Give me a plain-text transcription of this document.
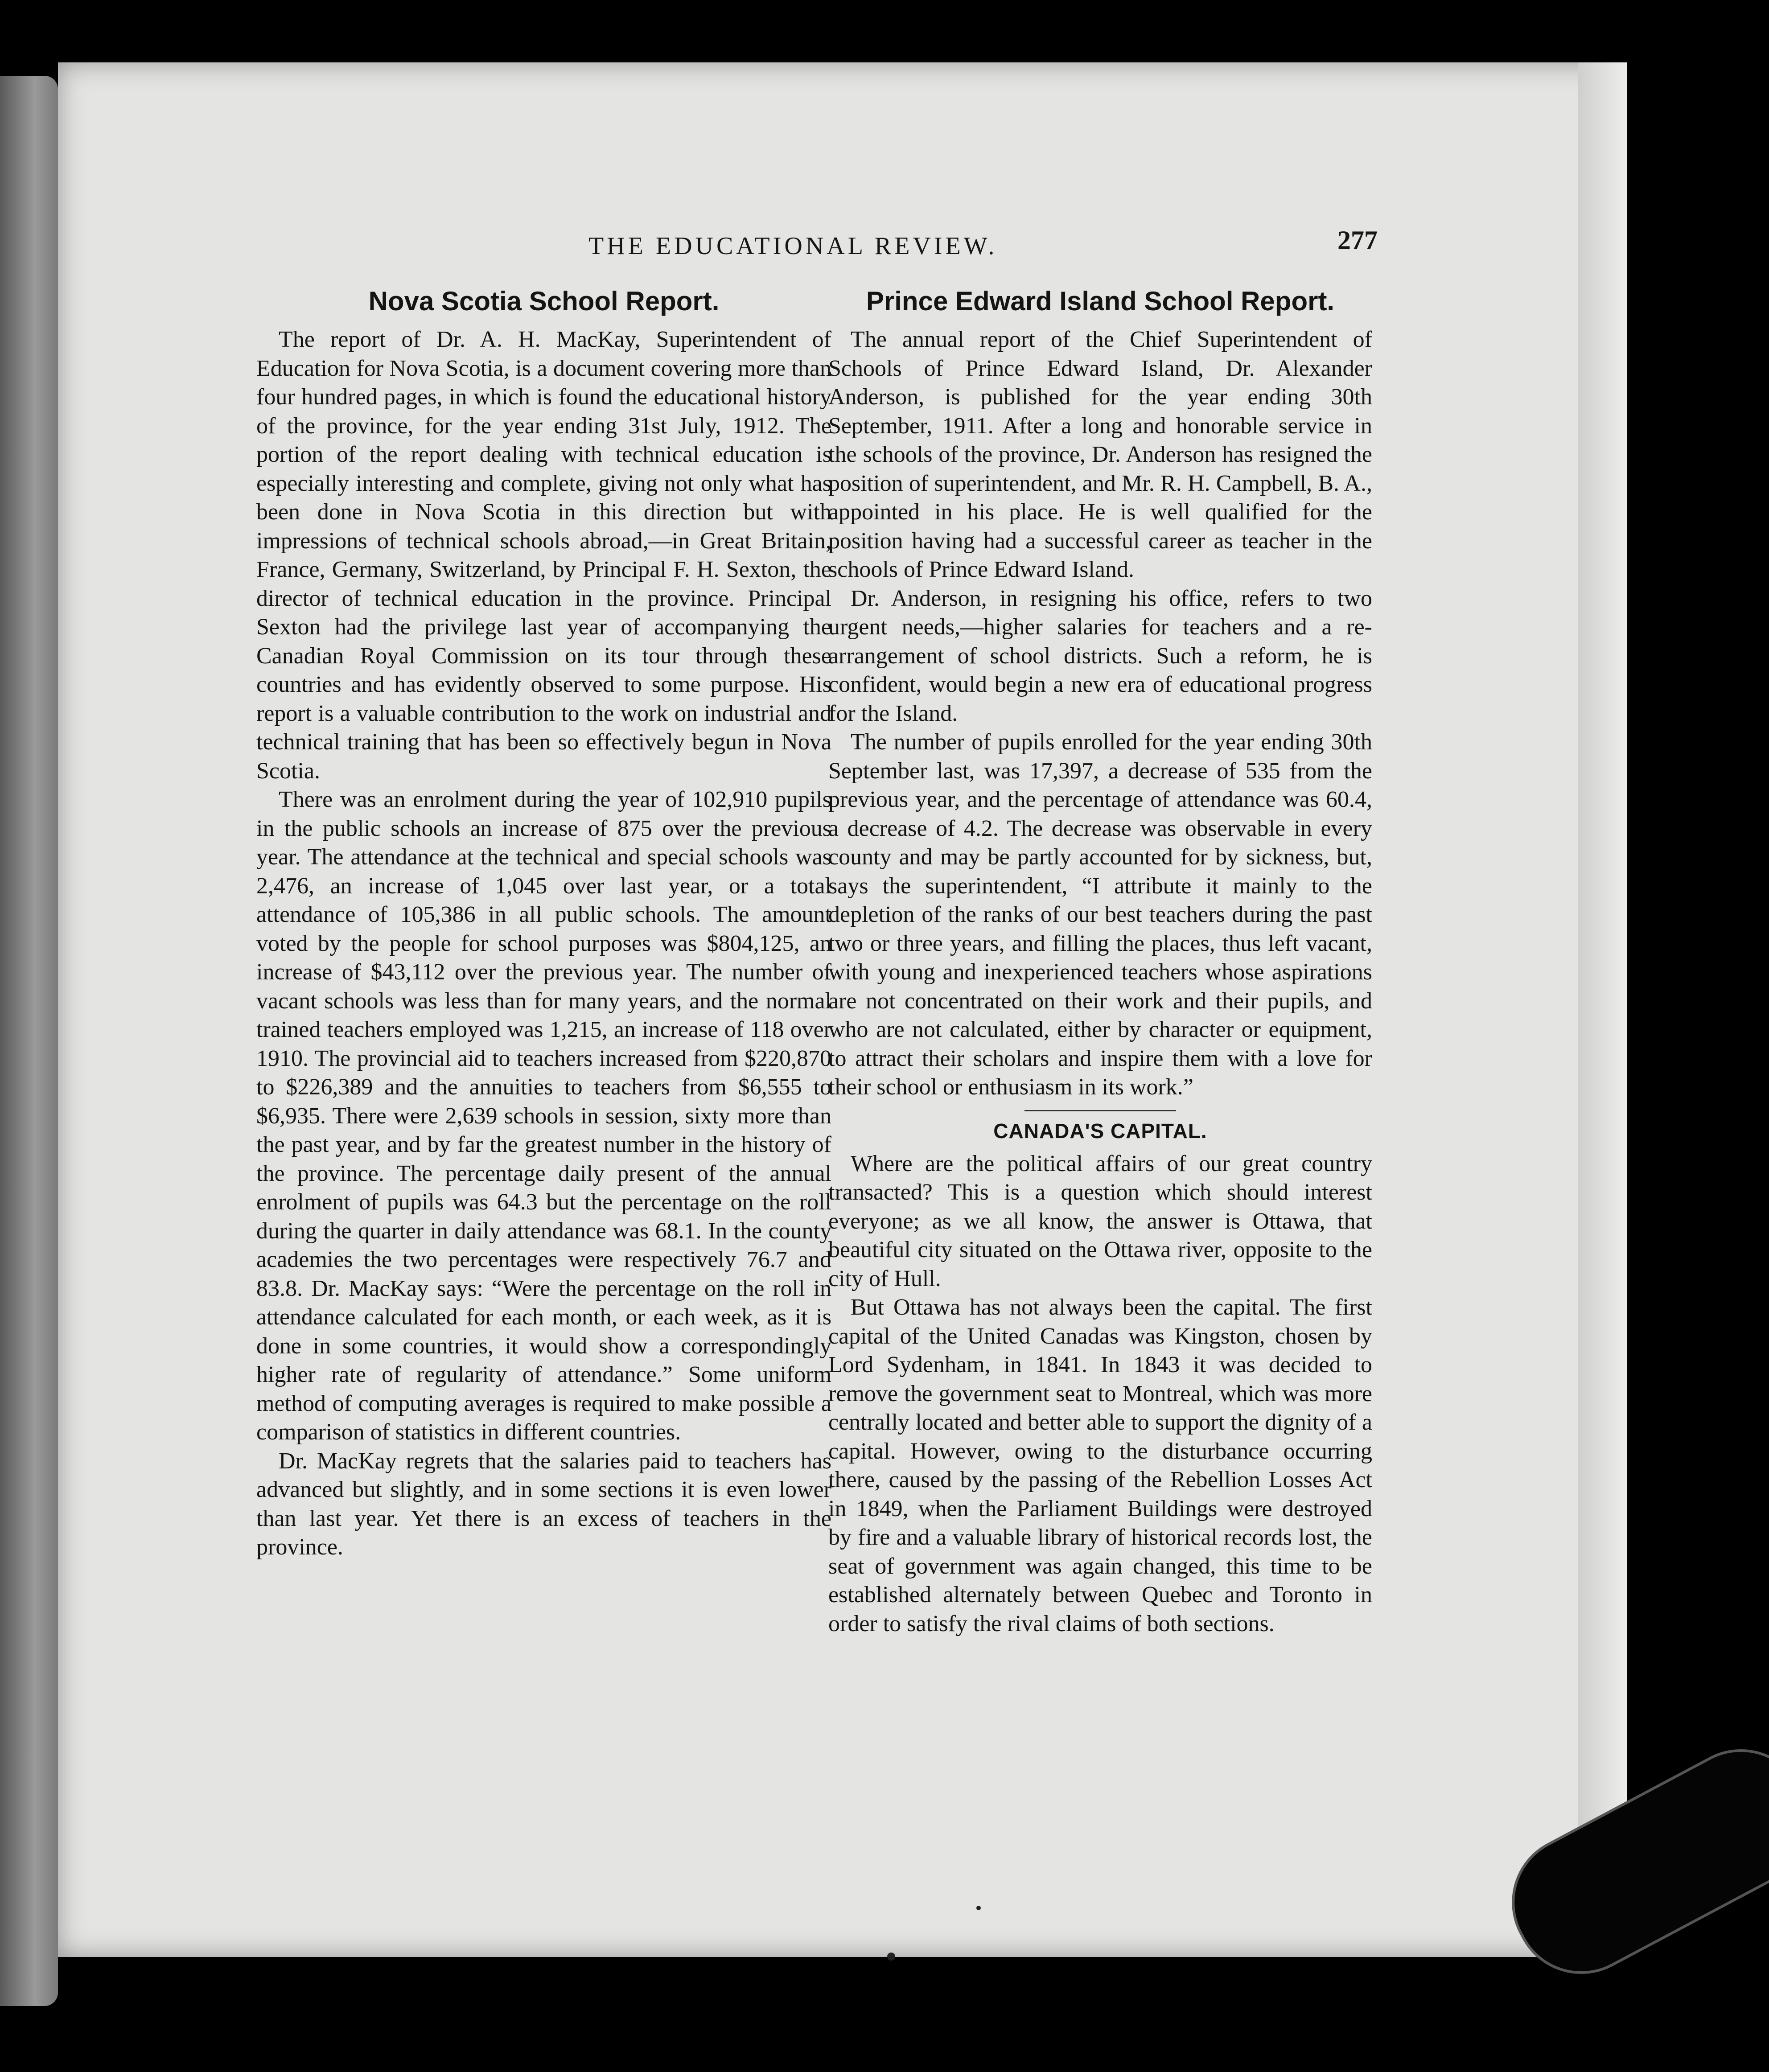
THE EDUCATIONAL REVIEW.	277
Nova Scotia School Report.

The report of Dr. A. H. MacKay, Superintendent of Education for Nova Scotia, is a document covering more than four hundred pages, in which is found the educational history of the province, for the year ending 31st July, 1912. The portion of the report dealing with technical education is especially interesting and complete, giving not only what has been done in Nova Scotia in this direction but with impressions of technical schools abroad,—in Great Britain, France, Germany, Switzerland, by Principal F. H. Sexton, the director of technical education in the province. Principal Sexton had the privilege last year of accompanying the Canadian Royal Commission on its tour through these countries and has evidently observed to some purpose. His report is a valuable contribution to the work on industrial and technical training that has been so effectively begun in Nova Scotia.

There was an enrolment during the year of 102,910 pupils in the public schools an increase of 875 over the previous year. The attendance at the technical and special schools was 2,476, an increase of 1,045 over last year, or a total attendance of 105,386 in all public schools. The amount voted by the people for school purposes was $804,125, an increase of $43,112 over the previous year. The number of vacant schools was less than for many years, and the normal trained teachers employed was 1,215, an increase of 118 over 1910. The provincial aid to teachers increased from $220,870 to $226,389 and the annuities to teachers from $6,555 to $6,935. There were 2,639 schools in session, sixty more than the past year, and by far the greatest number in the history of the province. The percentage daily present of the annual enrolment of pupils was 64.3 but the percentage on the roll during the quarter in daily attendance was 68.1. In the county academies the two percentages were respectively 76.7 and 83.8. Dr. MacKay says: “Were the percentage on the roll in attendance calculated for each month, or each week, as it is done in some countries, it would show a correspondingly higher rate of regularity of attendance.” Some uniform method of computing averages is required to make possible a comparison of statistics in different countries.

Dr. MacKay regrets that the salaries paid to teachers has advanced but slightly, and in some sections it is even lower than last year. Yet there is an excess of teachers in the province.

Prince Edward Island School Report.

The annual report of the Chief Superintendent of Schools of Prince Edward Island, Dr. Alexander Anderson, is published for the year ending 30th September, 1911. After a long and honorable service in the schools of the province, Dr. Anderson has resigned the position of superintendent, and Mr. R. H. Campbell, B. A., appointed in his place. He is well qualified for the position having had a successful career as teacher in the schools of Prince Edward Island.

Dr. Anderson, in resigning his office, refers to two urgent needs,—higher salaries for teachers and a re-arrangement of school districts. Such a reform, he is confident, would begin a new era of educational progress for the Island.

The number of pupils enrolled for the year ending 30th September last, was 17,397, a decrease of 535 from the previous year, and the percentage of attendance was 60.4, a decrease of 4.2. The decrease was observable in every county and may be partly accounted for by sickness, but, says the superintendent, “I attribute it mainly to the depletion of the ranks of our best teachers during the past two or three years, and filling the places, thus left vacant, with young and inexperienced teachers whose aspirations are not concentrated on their work and their pupils, and who are not calculated, either by character or equipment, to attract their scholars and inspire them with a love for their school or enthusiasm in its work.”

CANADA'S CAPITAL.

Where are the political affairs of our great country transacted? This is a question which should interest everyone; as we all know, the answer is Ottawa, that beautiful city situated on the Ottawa river, opposite to the city of Hull.

But Ottawa has not always been the capital. The first capital of the United Canadas was Kingston, chosen by Lord Sydenham, in 1841. In 1843 it was decided to remove the government seat to Montreal, which was more centrally located and better able to support the dignity of a capital. However, owing to the disturbance occurring there, caused by the passing of the Rebellion Losses Act in 1849, when the Parliament Buildings were destroyed by fire and a valuable library of historical records lost, the seat of government was again changed, this time to be established alternately between Quebec and Toronto in order to satisfy the rival claims of both sections.
